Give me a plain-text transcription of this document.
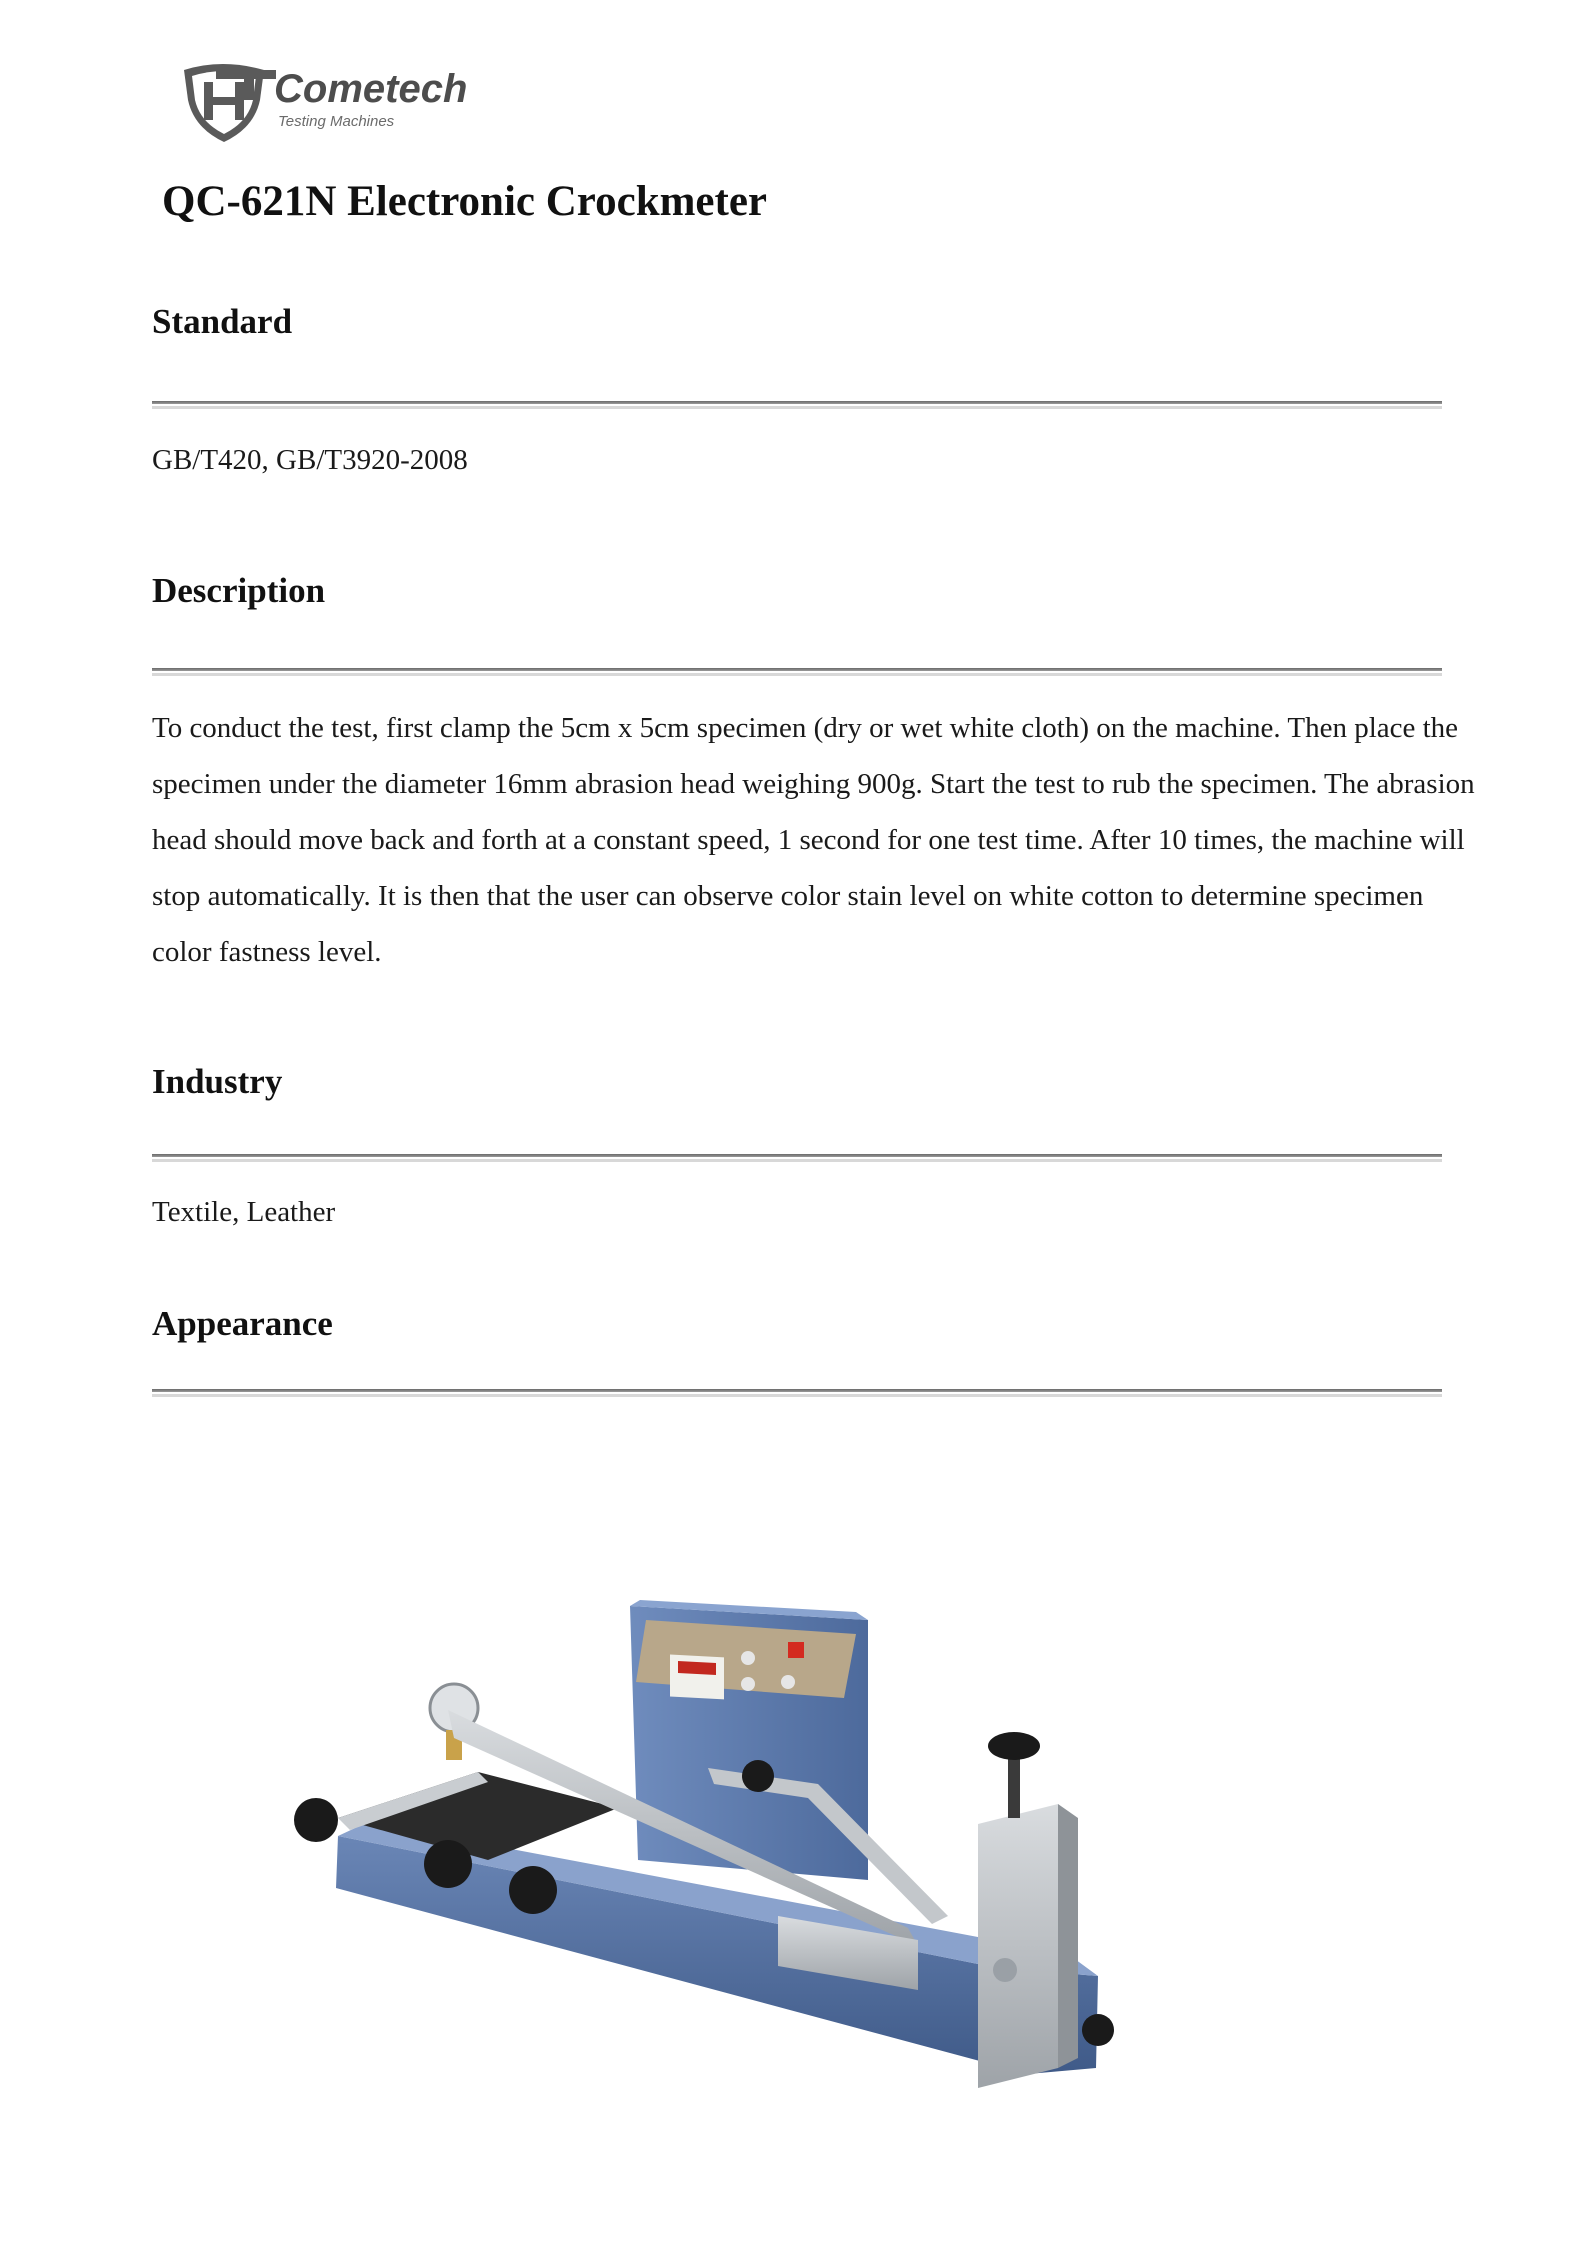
Cometech
Testing Machines
QC-621N Electronic Crockmeter
Standard

GB/T420, GB/T3920-2008

Description

To conduct the test, first clamp the 5cm x 5cm specimen (dry or wet white cloth) on the machine. Then place the specimen under the diameter 16mm abrasion head weighing 900g. Start the test to rub the specimen. The abrasion head should move back and forth at a constant speed, 1 second for one test time. After 10 times, the machine will stop automatically. It is then that the user can observe color stain level on white cotton to determine specimen color fastness level.

Industry

Textile, Leather

Appearance
